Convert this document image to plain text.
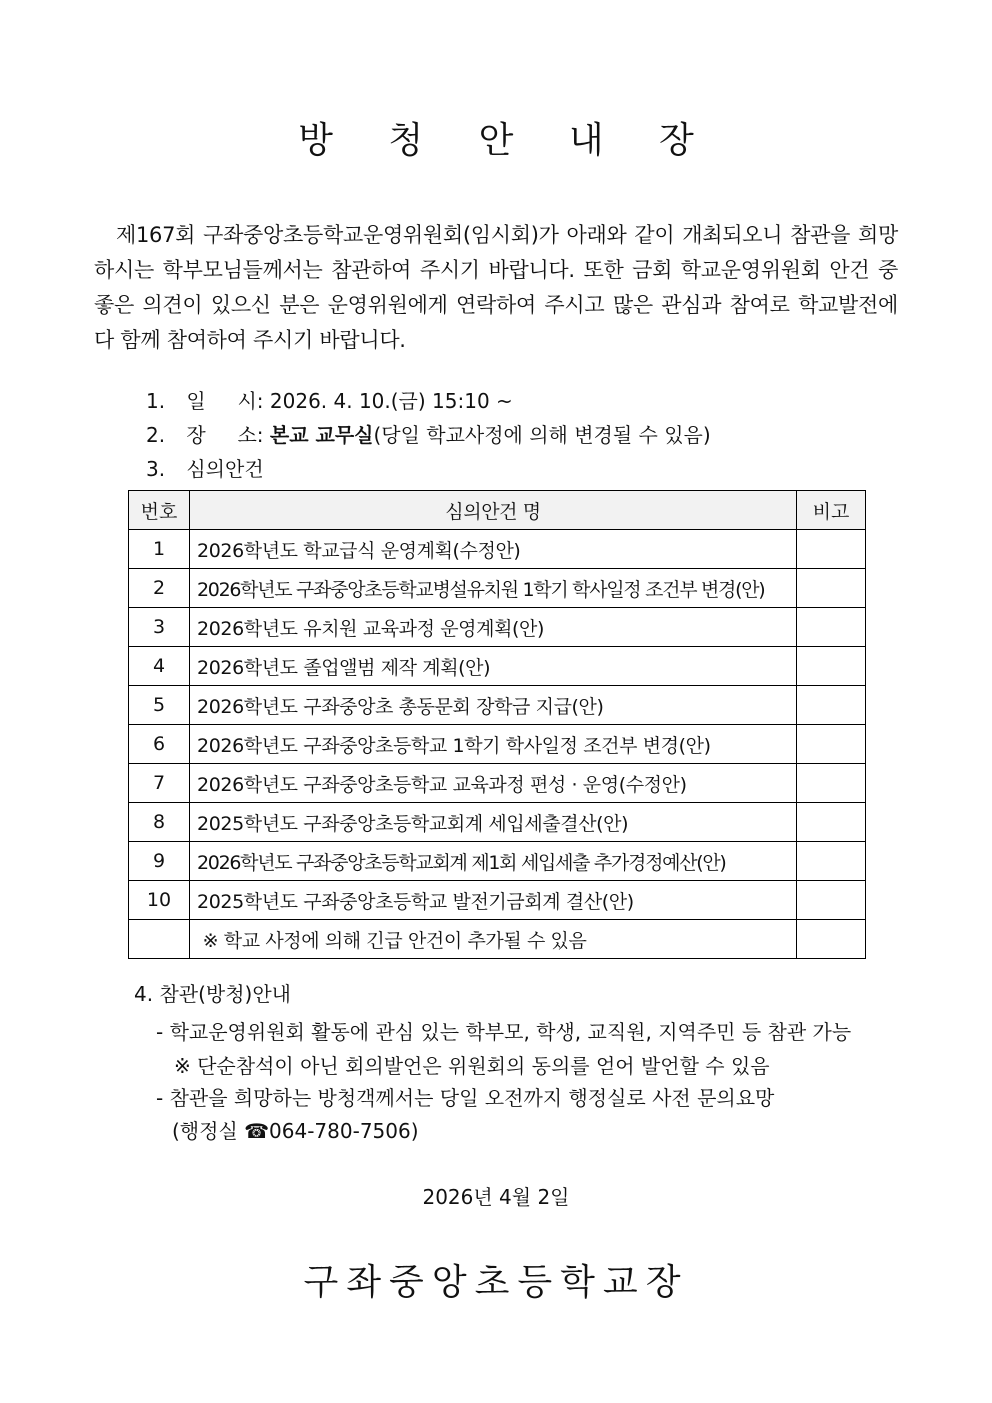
방 청 안 내 장
제167회 구좌중앙초등학교운영위원회(임시회)가 아래와 같이 개최되오니 참관을 희망하시는 학부모님들께서는 참관하여 주시기 바랍니다. 또한 금회 학교운영위원회 안건 중 좋은 의견이 있으신 분은 운영위원에게 연락하여 주시고 많은 관심과 참여로 학교발전에 다 함께 참여하여 주시기 바랍니다.
1. 일     시: 2026. 4. 10.(금) 15:10 ~
2. 장     소: 본교 교무실(당일 학교사정에 의해 변경될 수 있음)
3. 심의안건
번호	심의안건 명	비고
1	2026학년도 학교급식 운영계획(수정안)	
2	2026학년도 구좌중앙초등학교병설유치원 1학기 학사일정 조건부 변경(안)	
3	2026학년도 유치원 교육과정 운영계획(안)	
4	2026학년도 졸업앨범 제작 계획(안)	
5	2026학년도 구좌중앙초 총동문회 장학금 지급(안)	
6	2026학년도 구좌중앙초등학교 1학기 학사일정 조건부 변경(안)	
7	2026학년도 구좌중앙초등학교 교육과정 편성 · 운영(수정안)	
8	2025학년도 구좌중앙초등학교회계 세입세출결산(안)	
9	2026학년도 구좌중앙초등학교회계 제1회 세입세출 추가경정예산(안)	
10	2025학년도 구좌중앙초등학교 발전기금회계 결산(안)	
	※ 학교 사정에 의해 긴급 안건이 추가될 수 있음	
4. 참관(방청)안내
- 학교운영위원회 활동에 관심 있는 학부모, 학생, 교직원, 지역주민 등 참관 가능
※ 단순참석이 아닌 회의발언은 위원회의 동의를 얻어 발언할 수 있음
- 참관을 희망하는 방청객께서는 당일 오전까지 행정실로 사전 문의요망
(행정실 ☎064-780-7506)
2026년 4월 2일
구좌중앙초등학교장
